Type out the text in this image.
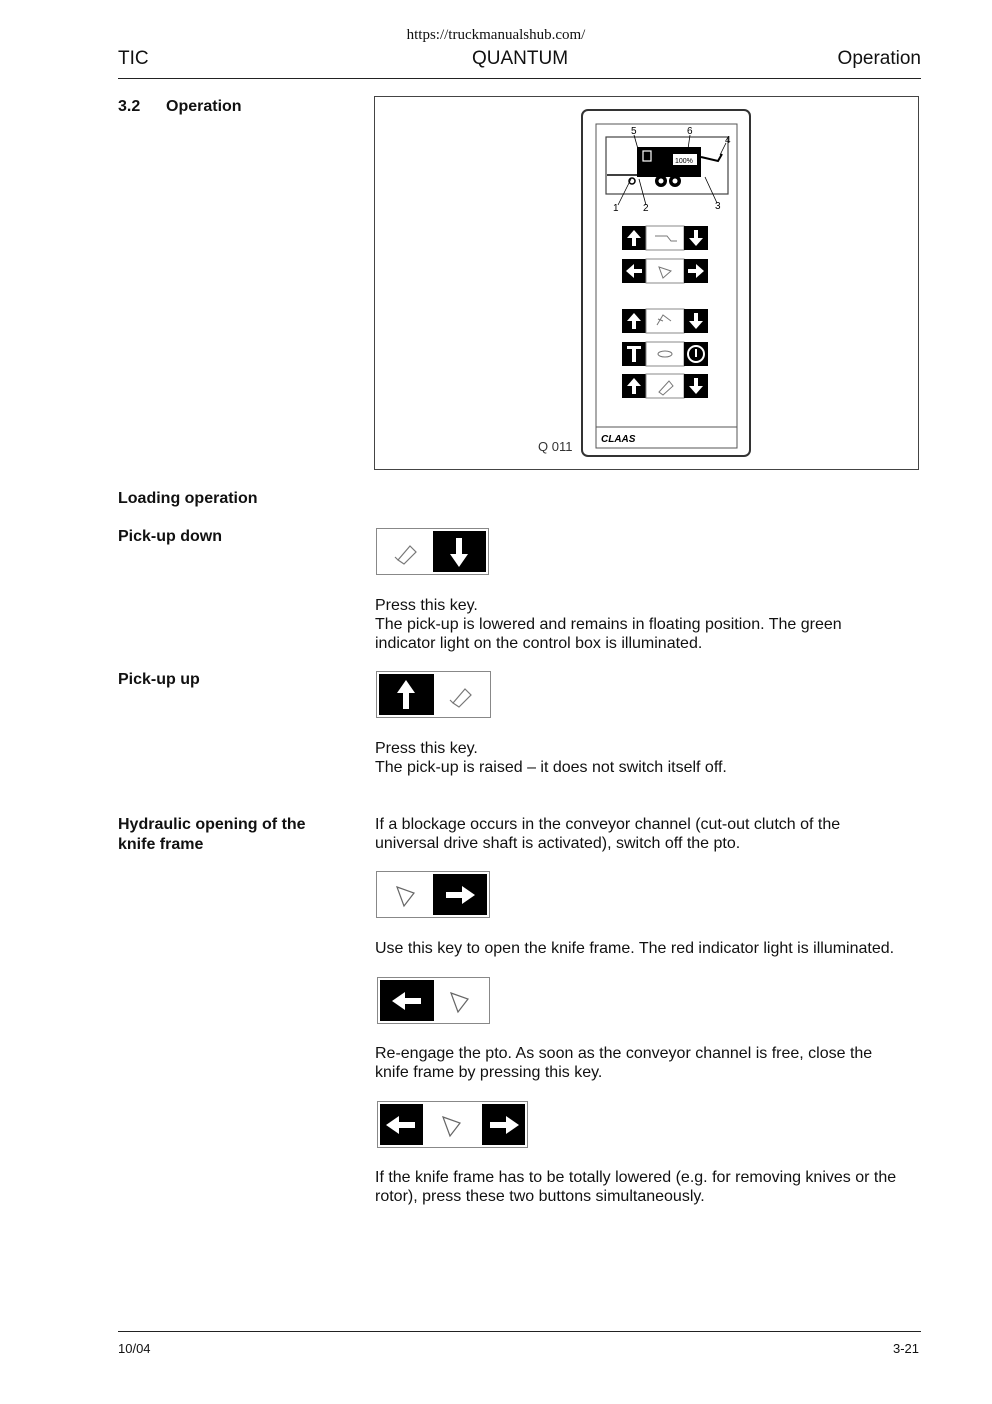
https://truckmanualshub.com/
TIC	QUANTUM	Operation
3.2 Operation
5	6
4
1 2	3
100%
CLAAS
Q 011
Loading operation
Pick-up down
Press this key.
The pick-up is lowered and remains in floating position. The green
indicator light on the control box is illuminated.
Pick-up up
Press this key.
The pick-up is raised – it does not switch itself off.
Hydraulic opening of the
knife frame
If a blockage occurs in the conveyor channel (cut-out clutch of the
universal drive shaft is activated), switch off the pto.
Use this key to open the knife frame. The red indicator light is illuminated.
Re-engage the pto. As soon as the conveyor channel is free, close the
knife frame by pressing this key.
If the knife frame has to be totally lowered (e.g. for removing knives or the
rotor), press these two buttons simultaneously.
10/04	3-21
